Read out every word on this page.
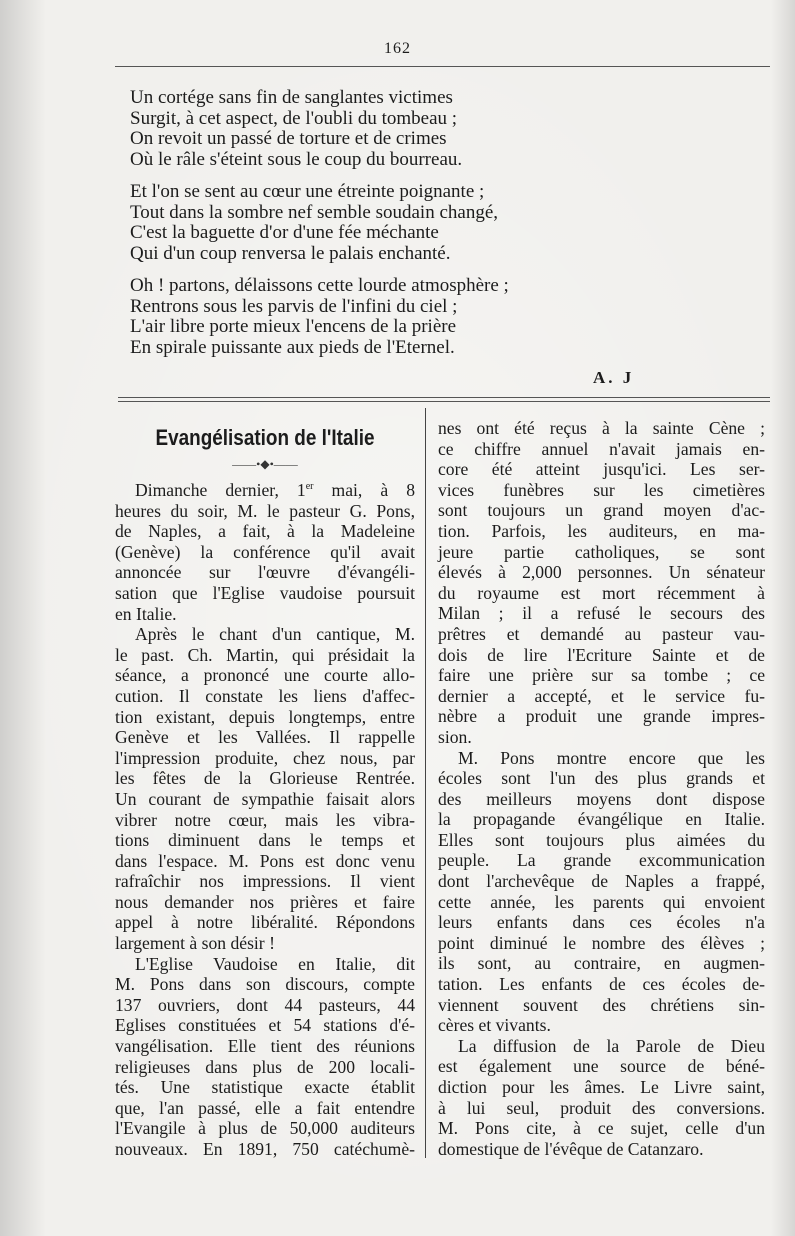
162
Un cortége sans fin de sanglantes victimes
Surgit, à cet aspect, de l'oubli du tombeau ;
On revoit un passé de torture et de crimes
Où le râle s'éteint sous le coup du bourreau.
Et l'on se sent au cœur une étreinte poignante ;
Tout dans la sombre nef semble soudain changé,
C'est la baguette d'or d'une fée méchante
Qui d'un coup renversa le palais enchanté.
Oh ! partons, délaissons cette lourde atmosphère ;
Rentrons sous les parvis de l'infini du ciel ;
L'air libre porte mieux l'encens de la prière
En spirale puissante aux pieds de l'Eternel.
A. J
Evangélisation de l'Italie
——•◆•——
Dimanche dernier, 1er mai, à 8
heures du soir, M. le pasteur G. Pons,
de Naples, a fait, à la Madeleine
(Genève) la conférence qu'il avait
annoncée sur l'œuvre d'évangéli-
sation que l'Eglise vaudoise poursuit
en Italie.
Après le chant d'un cantique, M.
le past. Ch. Martin, qui présidait la
séance, a prononcé une courte allo-
cution. Il constate les liens d'affec-
tion existant, depuis longtemps, entre
Genève et les Vallées. Il rappelle
l'impression produite, chez nous, par
les fêtes de la Glorieuse Rentrée.
Un courant de sympathie faisait alors
vibrer notre cœur, mais les vibra-
tions diminuent dans le temps et
dans l'espace. M. Pons est donc venu
rafraîchir nos impressions. Il vient
nous demander nos prières et faire
appel à notre libéralité. Répondons
largement à son désir !
L'Eglise Vaudoise en Italie, dit
M. Pons dans son discours, compte
137 ouvriers, dont 44 pasteurs, 44
Eglises constituées et 54 stations d'é-
vangélisation. Elle tient des réunions
religieuses dans plus de 200 locali-
tés. Une statistique exacte établit
que, l'an passé, elle a fait entendre
l'Evangile à plus de 50,000 auditeurs
nouveaux. En 1891, 750 catéchumè-
nes ont été reçus à la sainte Cène ;
ce chiffre annuel n'avait jamais en-
core été atteint jusqu'ici. Les ser-
vices funèbres sur les cimetières
sont toujours un grand moyen d'ac-
tion. Parfois, les auditeurs, en ma-
jeure partie catholiques, se sont
élevés à 2,000 personnes. Un sénateur
du royaume est mort récemment à
Milan ; il a refusé le secours des
prêtres et demandé au pasteur vau-
dois de lire l'Ecriture Sainte et de
faire une prière sur sa tombe ; ce
dernier a accepté, et le service fu-
nèbre a produit une grande impres-
sion.
M. Pons montre encore que les
écoles sont l'un des plus grands et
des meilleurs moyens dont dispose
la propagande évangélique en Italie.
Elles sont toujours plus aimées du
peuple. La grande excommunication
dont l'archevêque de Naples a frappé,
cette année, les parents qui envoient
leurs enfants dans ces écoles n'a
point diminué le nombre des élèves ;
ils sont, au contraire, en augmen-
tation. Les enfants de ces écoles de-
viennent souvent des chrétiens sin-
cères et vivants.
La diffusion de la Parole de Dieu
est également une source de béné-
diction pour les âmes. Le Livre saint,
à lui seul, produit des conversions.
M. Pons cite, à ce sujet, celle d'un
domestique de l'évêque de Catanzaro.
